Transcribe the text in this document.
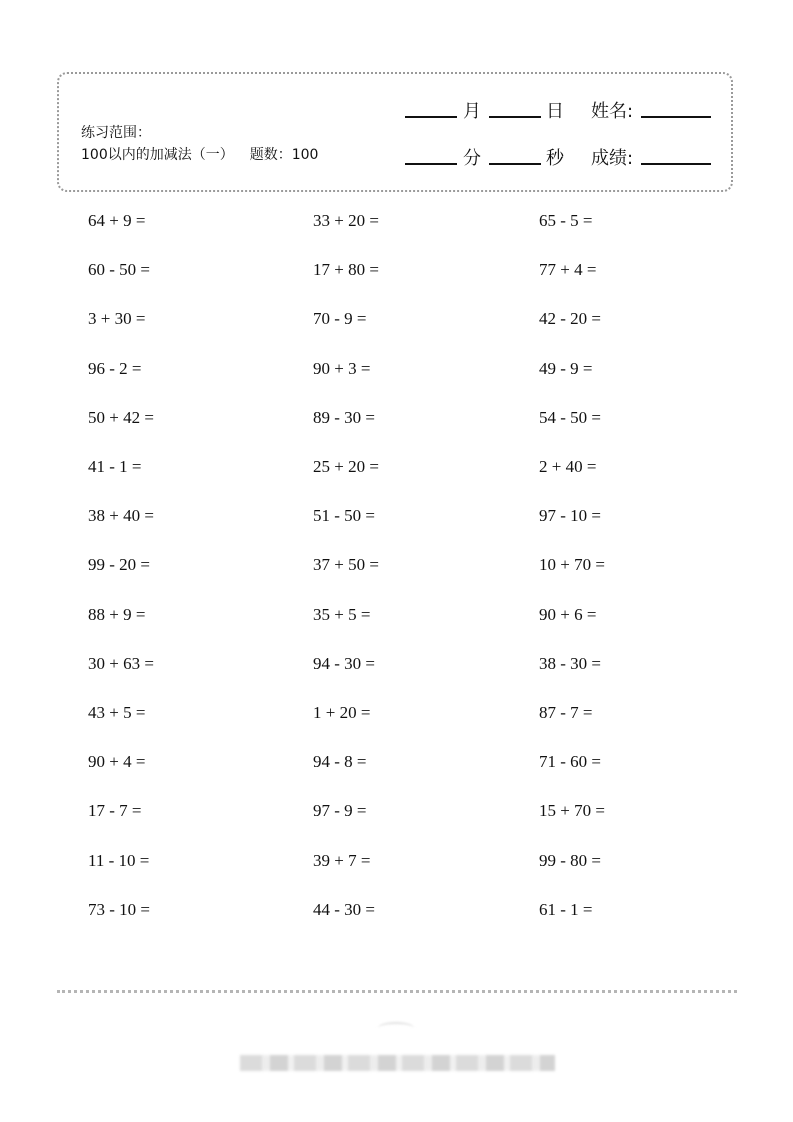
练习范围：
100以内的加减法（一） 题数：100
月	日 姓名:
分	秒 成绩:
64 + 9 =	33 + 20 =	65 - 5 =
60 - 50 =	17 + 80 =	77 + 4 =
3 + 30 =	70 - 9 =	42 - 20 =
96 - 2 =	90 + 3 =	49 - 9 =
50 + 42 =	89 - 30 =	54 - 50 =
41 - 1 =	25 + 20 =	2 + 40 =
38 + 40 =	51 - 50 =	97 - 10 =
99 - 20 =	37 + 50 =	10 + 70 =
88 + 9 =	35 + 5 =	90 + 6 =
30 + 63 =	94 - 30 =	38 - 30 =
43 + 5 =	1 + 20 =	87 - 7 =
90 + 4 =	94 - 8 =	71 - 60 =
17 - 7 =	97 - 9 =	15 + 70 =
11 - 10 =	39 + 7 =	99 - 80 =
73 - 10 =	44 - 30 =	61 - 1 =
